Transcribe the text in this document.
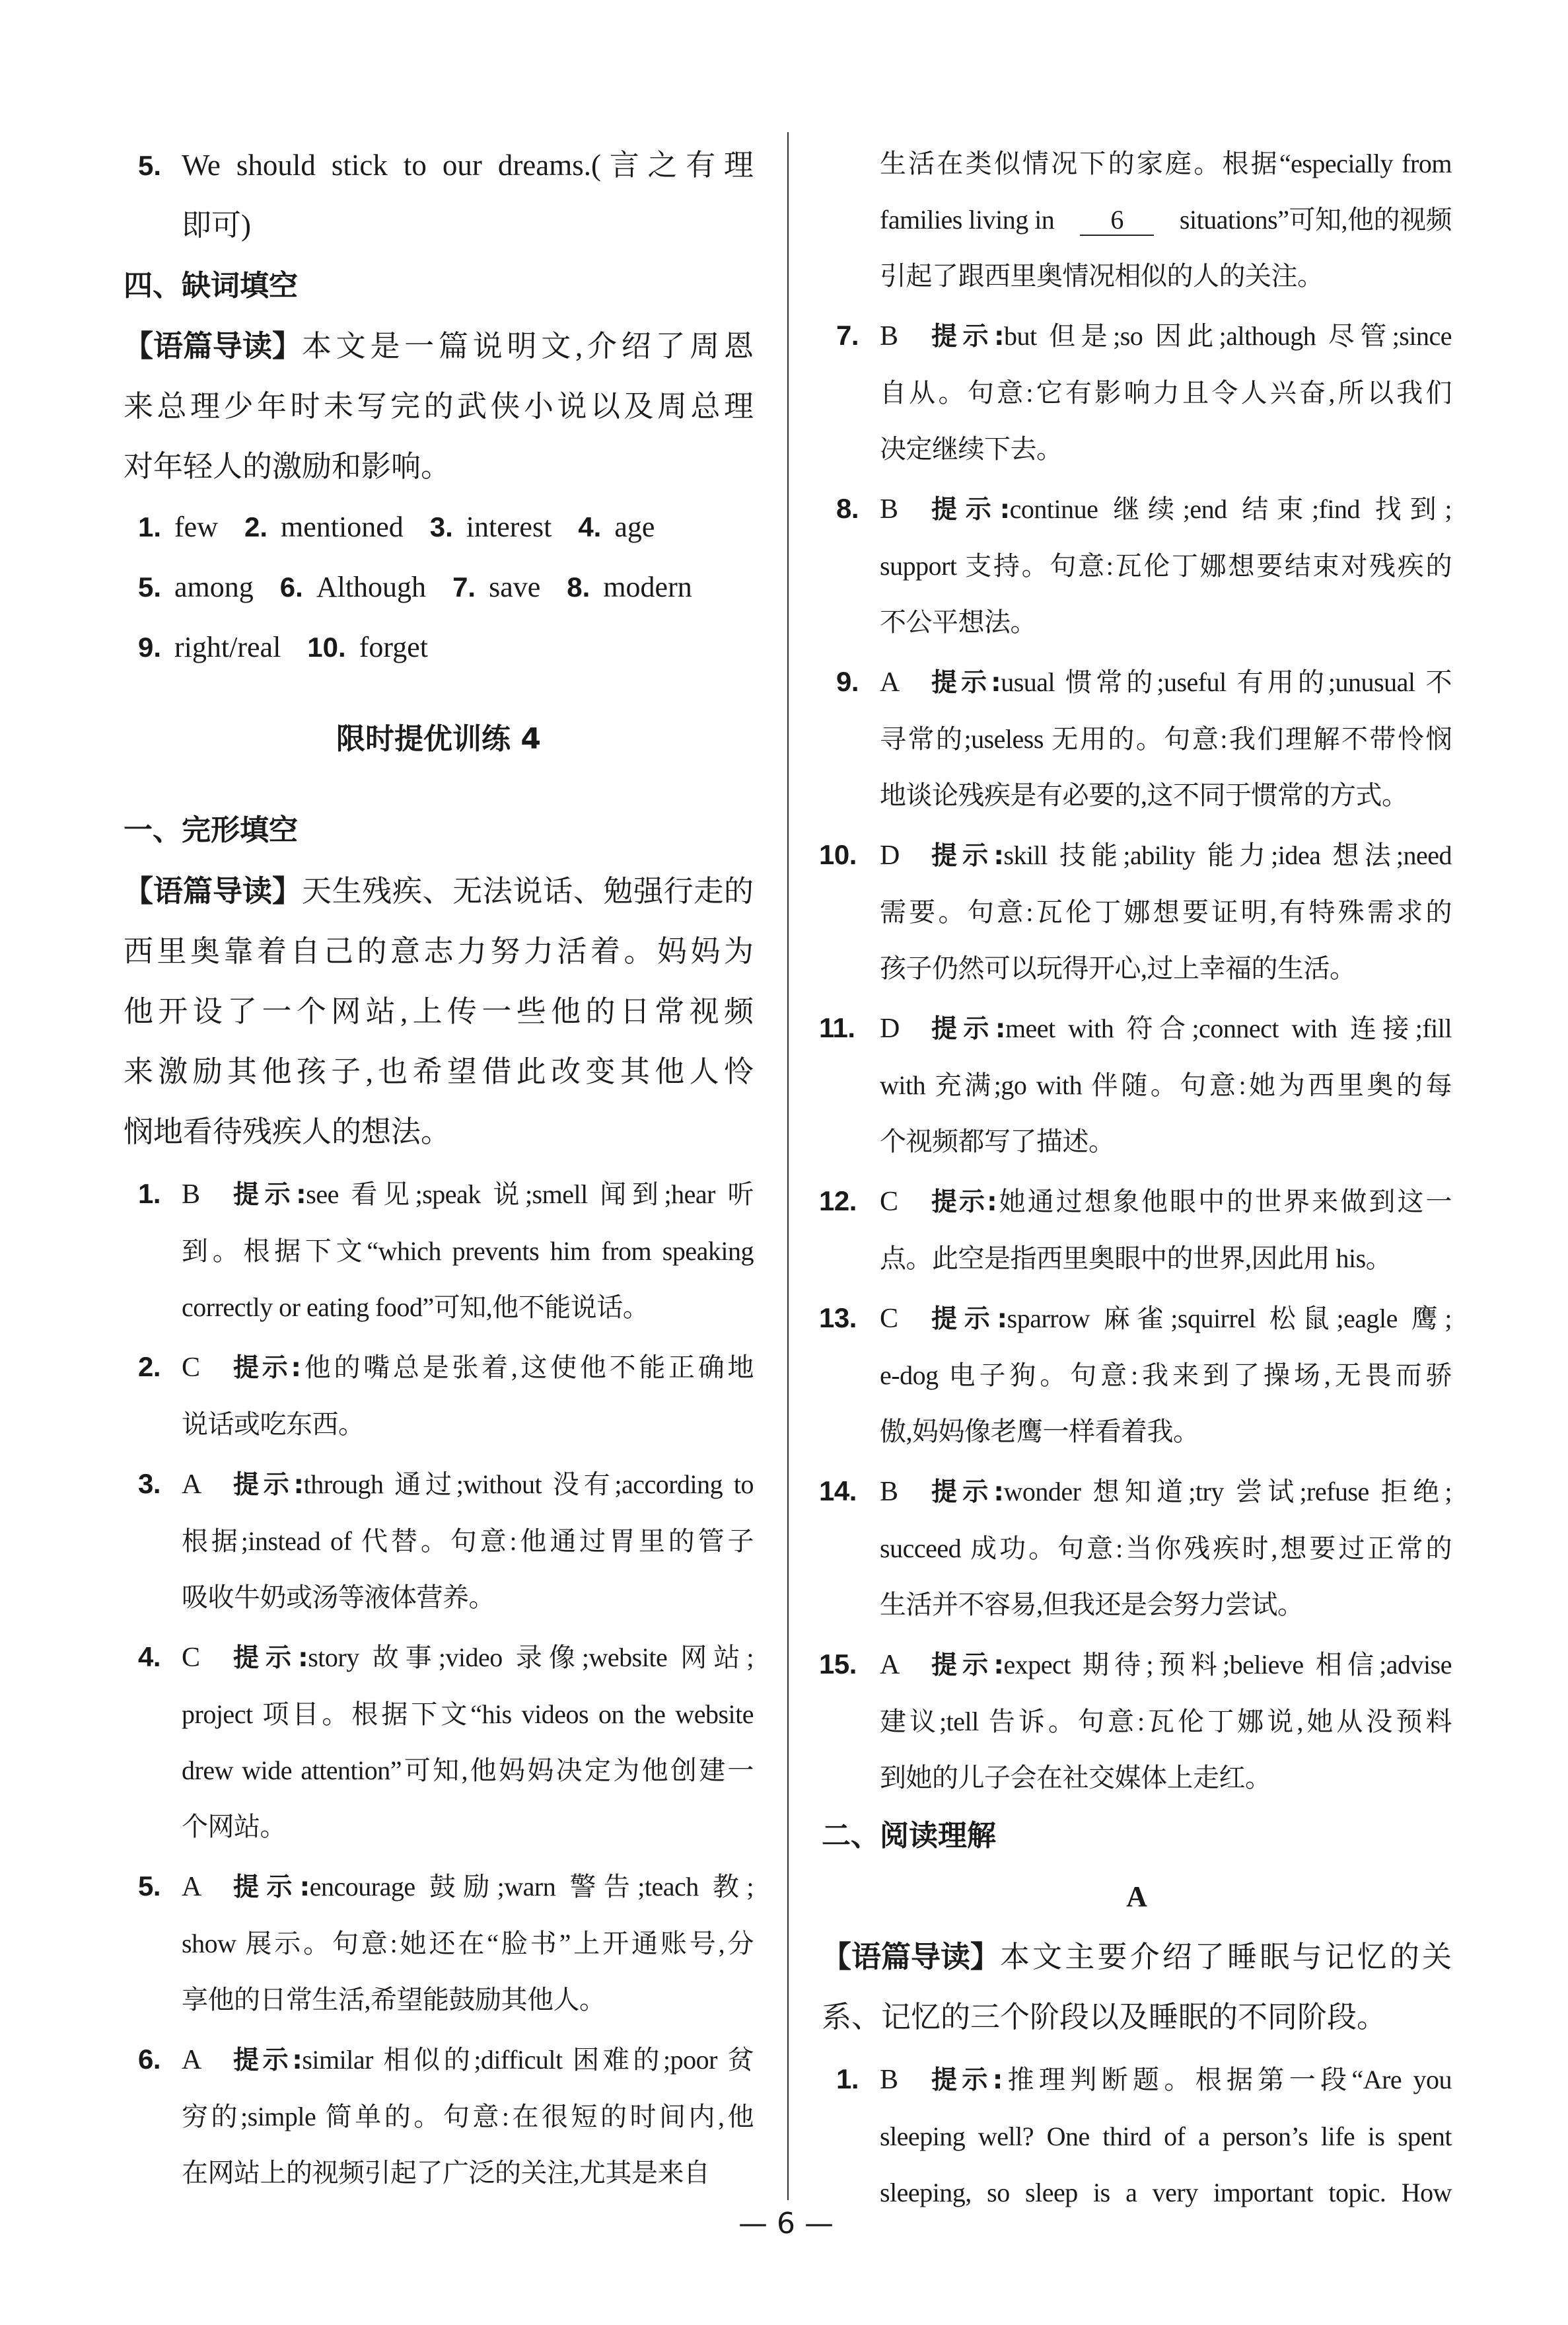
5. We should stick to our dreams.(言之有理
即可)
四、缺词填空
【语篇导读】 本文是一篇说明文,介绍了周恩
来总理少年时未写完的武侠小说以及周总理
对年轻人的激励和影响。
1. few 2. mentioned 3. interest 4. age
5. among 6. Although 7. save 8. modern
9. right/real 10. forget
限时提优训练 4
一、完形填空
【语篇导读】 天生残疾、无法说话、勉强行走的
西里奥靠着自己的意志力努力活着。妈妈为
他开设了一个网站,上传一些他的日常视频
来激励其他孩子,也希望借此改变其他人怜
悯地看待残疾人的想法。
1. B	提示:see 看见;speak 说;smell 闻到;hear 听
到。根据下文“which prevents him from speaking
correctly or eating food”可知,他不能说话。
2. C	提示:他的嘴总是张着,这使他不能正确地
说话或吃东西。
3. A	提示:through 通过;without 没有;according to
根据;instead of 代替。句意:他通过胃里的管子
吸收牛奶或汤等液体营养。
4. C	提示:story 故事;video 录像;website 网站;
project 项目。根据下文“his videos on the website
drew wide attention”可知,他妈妈决定为他创建一
个网站。
5. A	提示:encourage 鼓励;warn 警告;teach 教;
show 展示。句意:她还在“脸书”上开通账号,分
享他的日常生活,希望能鼓励其他人。
6. A	提示:similar 相似的;difficult 困难的;poor 贫
穷的;simple 简单的。句意:在很短的时间内,他
在网站上的视频引起了广泛的关注,尤其是来自
生活在类似情况下的家庭。根据“especially from
families living in	6	situations”可知,他的视频
引起了跟西里奥情况相似的人的关注。
7. B	提示:but 但是;so 因此;although 尽管;since
自从。句意:它有影响力且令人兴奋,所以我们
决定继续下去。
8. B	提示:continue 继续;end 结束;find 找到;
support 支持。句意:瓦伦丁娜想要结束对残疾的
不公平想法。
9. A	提示:usual 惯常的;useful 有用的;unusual 不
寻常的;useless 无用的。句意:我们理解不带怜悯
地谈论残疾是有必要的,这不同于惯常的方式。
10. D	提示:skill 技能;ability 能力;idea 想法;need
需要。句意:瓦伦丁娜想要证明,有特殊需求的
孩子仍然可以玩得开心,过上幸福的生活。
11. D	提示:meet with 符合;connect with 连接;fill
with 充满;go with 伴随。句意:她为西里奥的每
个视频都写了描述。
12. C	提示:她通过想象他眼中的世界来做到这一
点。此空是指西里奥眼中的世界,因此用 his。
13. C	提示:sparrow 麻雀;squirrel 松鼠;eagle 鹰;
e-dog 电子狗。句意:我来到了操场,无畏而骄
傲,妈妈像老鹰一样看着我。
14. B	提示:wonder 想知道;try 尝试;refuse 拒绝;
succeed 成功。句意:当你残疾时,想要过正常的
生活并不容易,但我还是会努力尝试。
15. A	提示:expect 期待;预料;believe 相信;advise
建议;tell 告诉。句意:瓦伦丁娜说,她从没预料
到她的儿子会在社交媒体上走红。
二、阅读理解
A
【语篇导读】 本文主要介绍了睡眠与记忆的关
系、记忆的三个阶段以及睡眠的不同阶段。
1. B	提示:推理判断题。根据第一段“Are you
sleeping well? One third of a person’s life is spent
sleeping, so sleep is a very important topic. How
— 6 —
